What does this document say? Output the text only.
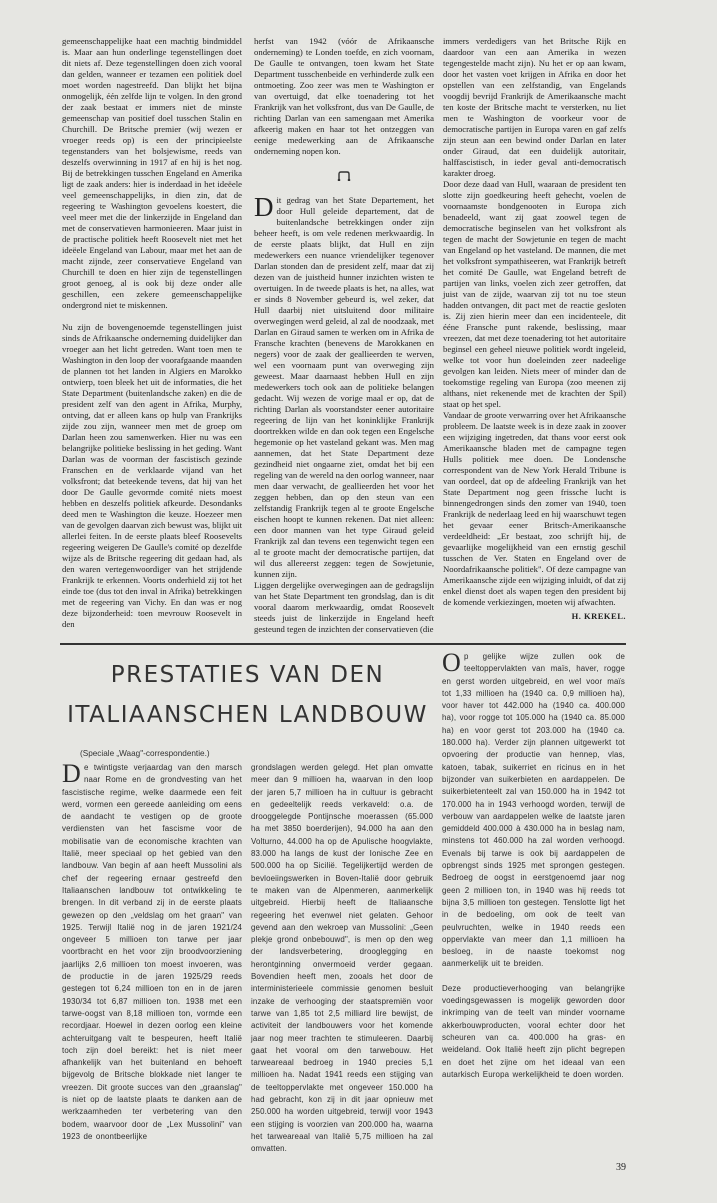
gemeenschappelijke haat een machtig bindmiddel is. Maar aan hun onderlinge tegenstellingen doet dit niets af. Deze tegenstellingen doen zich vooral dan gelden, wanneer er tezamen een politiek doel moet worden nagestreefd. Dan blijkt het bijna onmogelijk, één zelfde lijn te volgen. In den grond der zaak bestaat er immers niet de minste gemeenschap van positief doel tusschen Stalin en Churchill. De Britsche premier (wij wezen er vroeger reeds op) is een der principieelste tegenstanders van het bolsjewisme, reeds van deszelfs overwinning in 1917 af en hij is het nog. Bij de betrekkingen tusschen Engeland en Amerika ligt de zaak anders: hier is inderdaad in het ideëele veel gemeenschappelijks, in dien zin, dat de regeering te Washington gevoelens koestert, die veel meer met die der linkerzijde in Engeland dan met de conservatieven harmonieeren. Maar juist in de practische politiek heeft Roosevelt niet met het ideëele Engeland van Labour, maar met het aan de macht zijnde, zeer conservatieve Engeland van Churchill te doen en hier zijn de tegenstellingen groot genoeg, al is ook bij deze onder alle geschillen, een zekere gemeenschappelijke ondergrond niet te miskennen.

Nu zijn de bovengenoemde tegenstellingen juist sinds de Afrikaansche onderneming duidelijker dan vroeger aan het licht getreden. Want toen men te Washington in den loop der voorafgaande maanden de plannen tot het landen in Algiers en Marokko ontwierp, toen bleek het uit de informaties, die het State Department (buitenlandsche zaken) en die de president zelf van den agent in Afrika, Murphy, ontving, dat er alleen kans op hulp van Frankrijks zijde zou zijn, wanneer men met de groep om Darlan heen zou samenwerken. Hier nu was een belangrijke politieke beslissing in het geding. Want Darlan was de voorman der fascistisch gezinde Franschen en de verklaarde vijand van het volksfront; dat beteekende tevens, dat hij van het door De Gaulle gevormde comité niets moest hebben en deszelfs politiek afkeurde. Desondanks deed men te Washington die keuze. Hoezeer men van de gevolgen daarvan zich bewust was, blijkt uit allerlei feiten. In de eerste plaats bleef Roosevelts regeering weigeren De Gaulle's comité op dezelfde wijze als de Britsche regeering dit gedaan had, als den waren vertegenwoordiger van het strijdende Frankrijk te erkennen. Voorts onderhield zij tot het einde toe (dus tot den inval in Afrika) betrekkingen met de regeering van Vichy. En dan was er nog deze bijzonderheid: toen mevrouw Roosevelt in den

herfst van 1942 (vóór de Afrikaansche onderneming) te Londen toefde, en zich voornam, De Gaulle te ontvangen, toen kwam het State Department tusschenbeide en verhinderde zulk een ontmoeting. Zoo zeer was men te Washington er van overtuigd, dat elke toenadering tot het Frankrijk van het volksfront, dus van De Gaulle, de richting Darlan van een samengaan met Amerika afkeerig maken en haar tot het ontzeggen van eenige medewerking aan de Afrikaansche onderneming nopen kon.

Dit gedrag van het State Departement, het door Hull geleide departement, dat de buitenlandsche betrekkingen onder zijn beheer heeft, is om vele redenen merkwaardig. In de eerste plaats blijkt, dat Hull en zijn medewerkers een nuance vriendelijker tegenover Darlan stonden dan de president zelf, maar dat zij dezen van de juistheid hunner inzichten wisten te overtuigen. In de tweede plaats is het, na alles, wat er sinds 8 November gebeurd is, wel zeker, dat Hull daarbij niet uitsluitend door militaire overwegingen werd geleid, al zal de noodzaak, met Darlan en Giraud samen te werken om in Afrika de Fransche krachten (benevens de Marokkanen en negers) voor de zaak der geallieerden te werven, wel een voornaam punt van overweging zijn geweest. Maar daarnaast hebben Hull en zijn medewerkers toch ook aan de politieke belangen gedacht. Wij wezen de vorige maal er op, dat de richting Darlan als voorstandster eener autoritaire regeering de lijn van het koninklijke Frankrijk doortrekken wilde en dan ook tegen een Engelsche hegemonie op het vasteland gekant was. Men mag aannemen, dat het State Department deze gezindheid niet ongaarne ziet, omdat het bij een regeling van de wereld na den oorlog wanneer, naar men daar verwacht, de geallieerden het voor het zeggen hebben, dan op den steun van een zelfstandig Frankrijk tegen al te groote Engelsche eischen hoopt te kunnen rekenen. Dat niet alleen: een door mannen van het type Giraud geleid Frankrijk zal dan tevens een tegenwicht tegen een al te groote macht der democratische partijen, dat wil dus allereerst zeggen: tegen de Sowjetunie, kunnen zijn.

Liggen dergelijke overwegingen aan de gedragslijn van het State Department ten grondslag, dan is dit vooral daarom merkwaardig, omdat Roosevelt steeds juist de linkerzijde in Engeland heeft gesteund tegen de inzichten der conservatieven (die

immers verdedigers van het Britsche Rijk en daardoor van een aan Amerika in wezen tegengestelde macht zijn). Nu het er op aan kwam, door het vasten voet krijgen in Afrika en door het opstellen van een zelfstandig, van Engelands voogdij bevrijd Frankrijk de Amerikaansche macht ten koste der Britsche macht te versterken, nu liet men te Washington de voorkeur voor de democratische partijen in Europa varen en gaf zelfs zijn steun aan een bewind onder Darlan en later onder Giraud, dat een duidelijk autoritair, halffascistisch, in ieder geval anti-democratisch karakter droeg.

Door deze daad van Hull, waaraan de president ten slotte zijn goedkeuring heeft gehecht, voelen de voornaamste bondgenooten in Europa zich benadeeld, want zij gaat zoowel tegen de democratische beginselen van het volksfront als tegen de macht der Sowjetunie en tegen de macht van Engeland op het vasteland. De mannen, die met het volksfront sympathiseeren, wat Frankrijk betreft het comité De Gaulle, wat Engeland betreft de partijen van links, voelen zich zeer getroffen, dat juist van de zijde, waarvan zij tot nu toe steun hadden ontvangen, dit pact met de reactie gesloten is. Zij zien hierin meer dan een incidenteele, dit ééne Fransche punt rakende, beslissing, maar vreezen, dat met deze toenadering tot het autoritaire beginsel een geheel nieuwe politiek wordt ingeleid, welke tot voor hun doeleinden zeer nadeelige gevolgen kan leiden. Niets meer of minder dan de toekomstige regeling van Europa (zoo meenen zij althans, niet rekenende met de krachten der Spil) staat op het spel.

Vandaar de groote verwarring over het Afrikaansche probleem. De laatste week is in deze zaak in zoover een wijziging ingetreden, dat thans voor eerst ook Amerikaansche bladen met de campagne tegen Hulls politiek mee doen. De Londensche correspondent van de New York Herald Tribune is van oordeel, dat op de afdeeling Frankrijk van het State Department nog geen frissche lucht is binnengedrongen sinds den zomer van 1940, toen Frankrijk de nederlaag leed en hij waarschuwt tegen het gevaar eener Britsch-Amerikaansche verdeeldheid: „Er bestaat, zoo schrijft hij, de gevaarlijke mogelijkheid van een ernstig geschil tusschen de Ver. Staten en Engeland over de Noordafrikaansche politiek". Of deze campagne van Amerikaansche zijde een wijziging inluidt, of dat zij enkel dienst doet als wapen tegen den president bij de komende verkiezingen, moeten wij afwachten.

H. KREKEL.
PRESTATIES VAN DEN
ITALIAANSCHEN LANDBOUW
(Speciale „Waag"-correspondentie.)

De twintigste verjaardag van den marsch naar Rome en de grondvesting van het fascistische regime, welke daarmede een feit werd, vormen een gereede aanleiding om eens de aandacht te vestigen op de groote verdiensten van het fascisme voor de mobilisatie van de economische krachten van Italië, meer speciaal op het gebied van den landbouw. Van begin af aan heeft Mussolini als chef der regeering ernaar gestreefd den Italiaanschen landbouw tot ontwikkeling te brengen. In dit verband zij in de eerste plaats gewezen op den „veldslag om het graan" van 1925. Terwijl Italië nog in de jaren 1921/24 ongeveer 5 millioen ton tarwe per jaar voortbracht en het voor zijn broodvoorziening jaarlijks 2,6 millioen ton moest invoeren, was de productie in de jaren 1925/29 reeds gestegen tot 6,24 millioen ton en in de jaren 1930/34 tot 6,87 millioen ton. 1938 met een tarwe-oogst van 8,18 millioen ton, vormde een recordjaar. Hoewel in dezen oorlog een kleine achteruitgang valt te bespeuren, heeft Italië toch zijn doel bereikt: het is niet meer afhankelijk van het buitenland en behoeft bijgevolg de Britsche blokkade niet langer te vreezen. Dit groote succes van den „graanslag" is niet op de laatste plaats te danken aan de werkzaamheden ter verbetering van den bodem, waarvoor door de „Lex Mussolini" van 1923 de onontbeerlijke

grondslagen werden gelegd. Het plan omvatte meer dan 9 millioen ha, waarvan in den loop der jaren 5,7 millioen ha in cultuur is gebracht en gedeeltelijk reeds verkaveld: o.a. de drooggelegde Pontijnsche moerassen (65.000 ha met 3850 boerderijen), 94.000 ha aan den Volturno, 44.000 ha op de Apulische hoogvlakte, 83.000 ha langs de kust der Ionische Zee en 500.000 ha op Sicilië. Tegelijkertijd werden de bevloeiingswerken in Boven-Italië door gebruik te maken van de Alpenmeren, aanmerkelijk uitgebreid. Hierbij heeft de Italiaansche regeering het evenwel niet gelaten. Gehoor gevend aan den wekroep van Mussolini: „Geen plekje grond onbebouwd", is men op den weg der landsverbetering, drooglegging en herontginning onvermoeid verder gegaan. Bovendien heeft men, zooals het door de interministerieele commissie genomen besluit inzake de verhooging der staatspremiën voor tarwe van 1,85 tot 2,5 milliard lire bewijst, de activiteit der landbouwers voor het komende jaar nog meer trachten te stimuleeren. Daarbij gaat het vooral om den tarwebouw. Het tarweareaal bedroeg in 1940 precies 5,1 millioen ha. Nadat 1941 reeds een stijging van de teeltoppervlakte met ongeveer 150.000 ha had gebracht, kon zij in dit jaar opnieuw met 250.000 ha worden uitgebreid, terwijl voor 1943 een stijging is voorzien van 200.000 ha, waarna het tarweareaal van Italië 5,75 millioen ha zal omvatten.

Op gelijke wijze zullen ook de teeltoppervlakten van maïs, haver, rogge en gerst worden uitgebreid, en wel voor maïs tot 1,33 millioen ha (1940 ca. 0,9 millioen ha), voor haver tot 442.000 ha (1940 ca. 400.000 ha), voor rogge tot 105.000 ha (1940 ca. 85.000 ha) en voor gerst tot 203.000 ha (1940 ca. 180.000 ha). Verder zijn plannen uitgewerkt tot opvoering der productie van hennep, vlas, katoen, tabak, suikerriet en ricinus en in het bijzonder van suikerbieten en aardappelen. De suikerbietenteelt zal van 150.000 ha in 1942 tot 170.000 ha in 1943 verhoogd worden, terwijl de verbouw van aardappelen welke de laatste jaren gemiddeld 400.000 à 430.000 ha in beslag nam, minstens tot 460.000 ha zal worden verhoogd. Evenals bij tarwe is ook bij aardappelen de opbrengst sinds 1925 met sprongen gestegen. Bedroeg de oogst in eerstgenoemd jaar nog geen 2 millioen ton, in 1940 was hij reeds tot bijna 3,5 millioen ton gestegen. Tenslotte ligt het in de bedoeling, om ook de teelt van peulvruchten, welke in 1940 reeds een oppervlakte van meer dan 1,1 millioen ha besloeg, in de naaste toekomst nog aanmerkelijk uit te breiden.

Deze productieverhooging van belangrijke voedingsgewassen is mogelijk geworden door inkrimping van de teelt van minder voorname akkerbouwproducten, vooral echter door het scheuren van ca. 400.000 ha gras- en weideland. Ook Italië heeft zijn plicht begrepen en doet het zijne om het ideaal van een autarkisch Europa werkelijkheid te doen worden.

39
